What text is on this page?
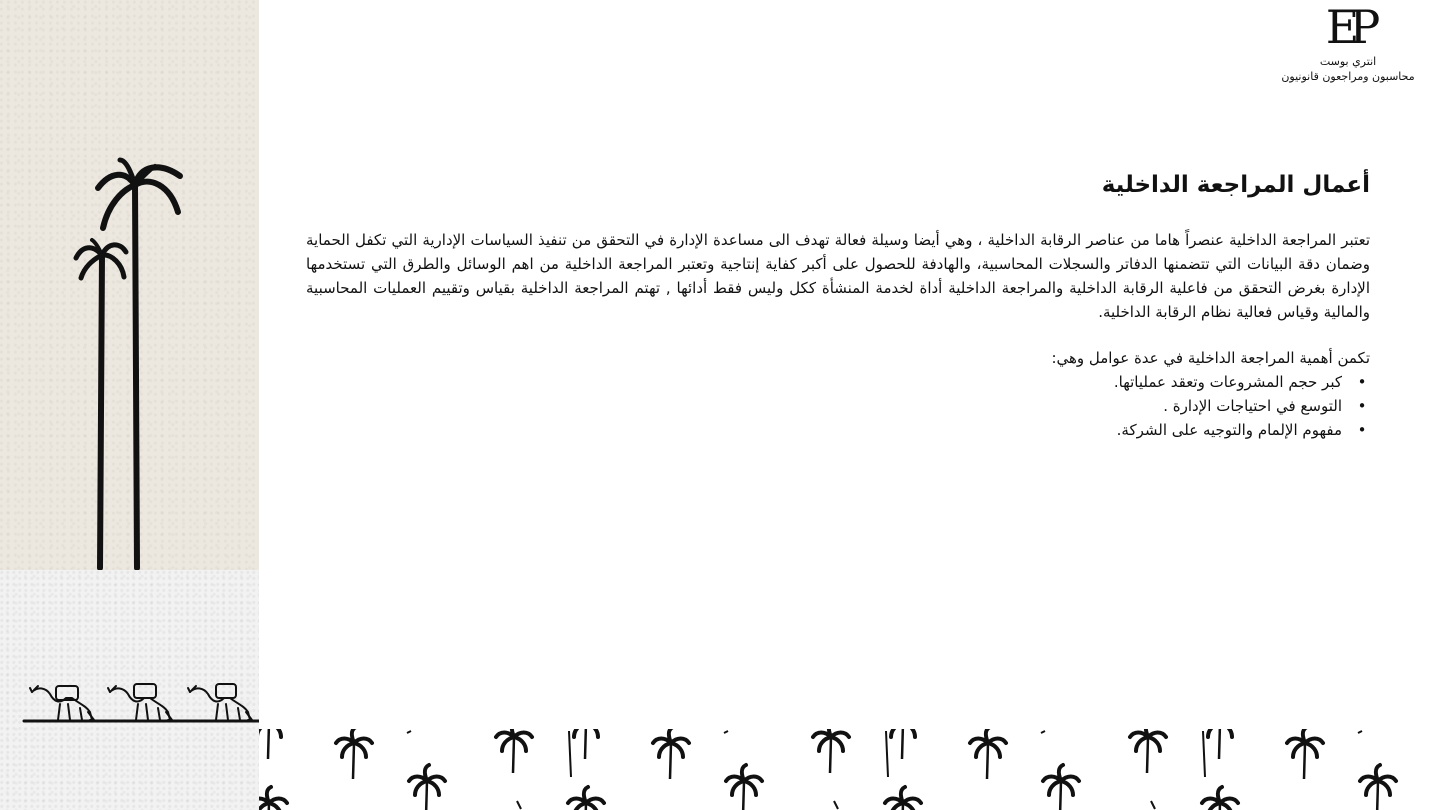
EP
انتري بوست
محاسبون ومراجعون قانونيون
أعمال المراجعة الداخلية

تعتبر المراجعة الداخلية عنصراً هاما من عناصر الرقابة الداخلية ، وهي أيضا وسيلة فعالة تهدف الى مساعدة الإدارة في التحقق من تنفيذ السياسات الإدارية التي تكفل الحماية وضمان دقة البيانات التي تتضمنها الدفاتر والسجلات المحاسبية، والهادفة للحصول على أكبر كفاية إنتاجية وتعتبر المراجعة الداخلية من اهم الوسائل والطرق التي تستخدمها الإدارة بغرض التحقق من فاعلية الرقابة الداخلية والمراجعة الداخلية أداة لخدمة المنشأة ككل وليس فقط أدائها , تهتم المراجعة الداخلية بقياس وتقييم العمليات المحاسبية والمالية وقياس فعالية نظام الرقابة الداخلية.

تكمن أهمية المراجعة الداخلية في عدة عوامل وهي:

•
كبر حجم المشروعات وتعقد عملياتها.
•
التوسع في احتياجات الإدارة .
•
مفهوم الإلمام والتوجيه على الشركة.
